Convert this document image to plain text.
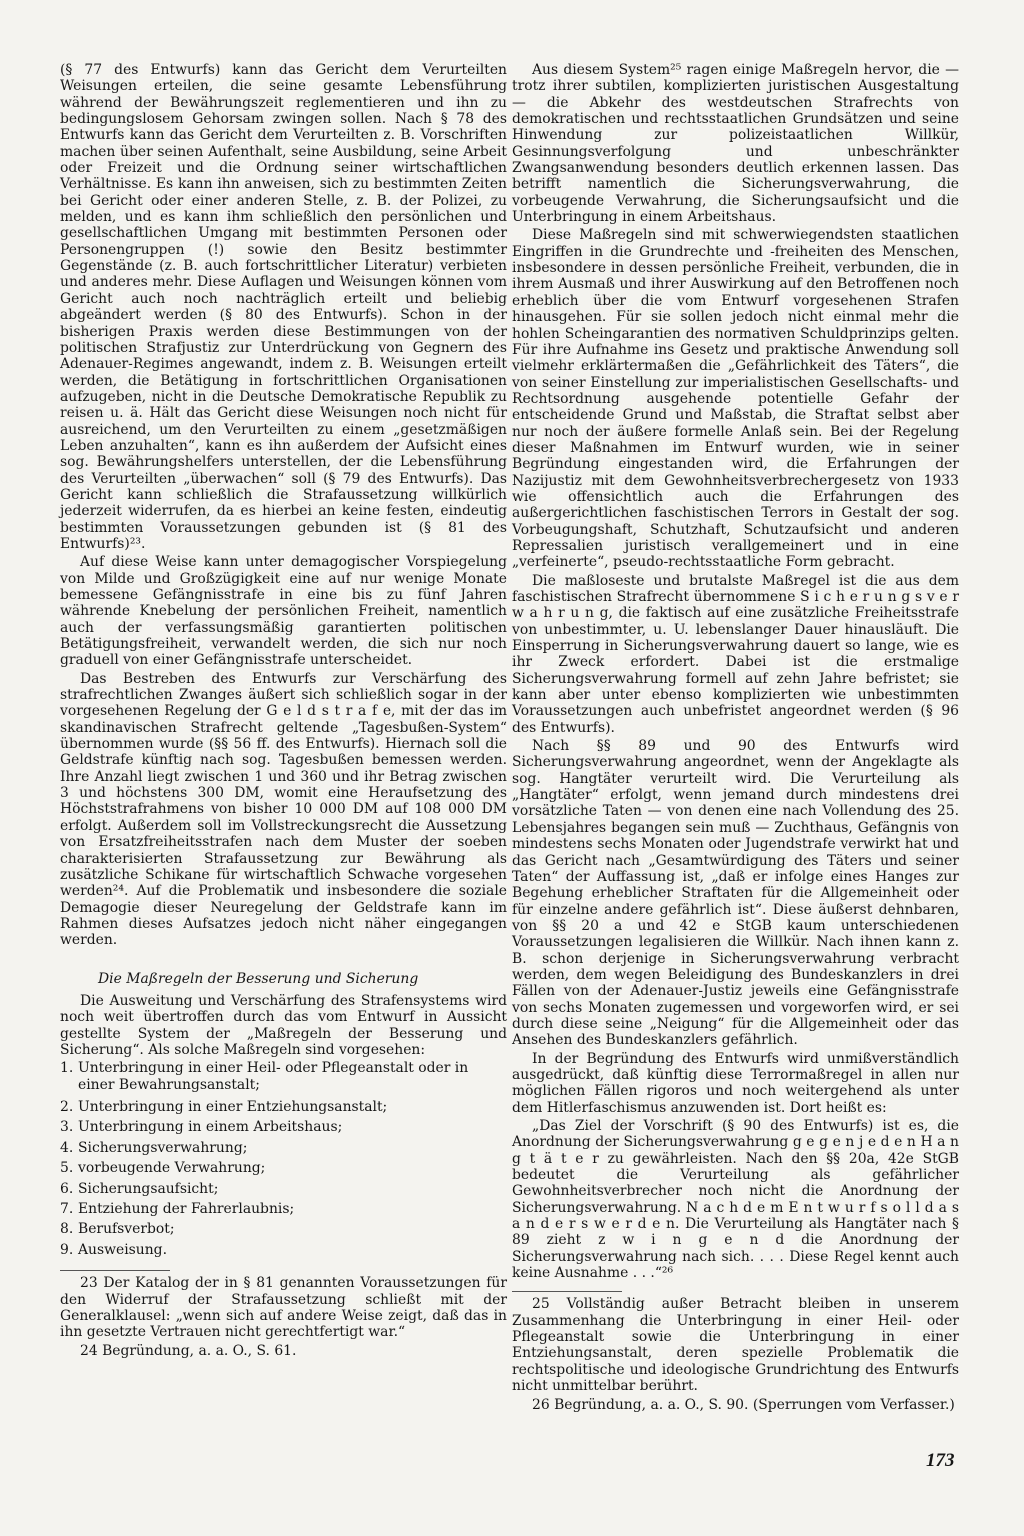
(§ 77 des Entwurfs) kann das Gericht dem Verurteilten Weisungen erteilen, die seine gesamte Lebensführung während der Bewährungszeit reglementieren und ihn zu bedingungslosem Gehorsam zwingen sollen. Nach § 78 des Entwurfs kann das Gericht dem Verurteilten z. B. Vorschriften machen über seinen Aufenthalt, seine Ausbildung, seine Arbeit oder Freizeit und die Ordnung seiner wirtschaftlichen Verhältnisse. Es kann ihn anweisen, sich zu bestimmten Zeiten bei Gericht oder einer anderen Stelle, z. B. der Polizei, zu melden, und es kann ihm schließlich den persönlichen und gesellschaftlichen Umgang mit bestimmten Personen oder Personengruppen (!) sowie den Besitz bestimmter Gegenstände (z. B. auch fortschrittlicher Literatur) verbieten und anderes mehr. Diese Auflagen und Weisungen können vom Gericht auch noch nachträglich erteilt und beliebig abgeändert werden (§ 80 des Entwurfs). Schon in der bisherigen Praxis werden diese Bestimmungen von der politischen Strafjustiz zur Unterdrückung von Gegnern des Adenauer-Regimes angewandt, indem z. B. Weisungen erteilt werden, die Betätigung in fortschrittlichen Organisationen aufzugeben, nicht in die Deutsche Demokratische Republik zu reisen u. ä. Hält das Gericht diese Weisungen noch nicht für ausreichend, um den Verurteilten zu einem „gesetzmäßigen Leben anzuhalten“, kann es ihn außerdem der Aufsicht eines sog. Bewährungshelfers unterstellen, der die Lebensführung des Verurteilten „überwachen“ soll (§ 79 des Entwurfs). Das Gericht kann schließlich die Strafaussetzung willkürlich jederzeit widerrufen, da es hierbei an keine festen, eindeutig bestimmten Voraussetzungen gebunden ist (§ 81 des Entwurfs)²³.

Auf diese Weise kann unter demagogischer Vorspiegelung von Milde und Großzügigkeit eine auf nur wenige Monate bemessene Gefängnisstrafe in eine bis zu fünf Jahren währende Knebelung der persönlichen Freiheit, namentlich auch der verfassungsmäßig garantierten politischen Betätigungsfreiheit, verwandelt werden, die sich nur noch graduell von einer Gefängnisstrafe unterscheidet.

Das Bestreben des Entwurfs zur Verschärfung des strafrechtlichen Zwanges äußert sich schließlich sogar in der vorgesehenen Regelung der G e l d s t r a f e, mit der das im skandinavischen Strafrecht geltende „Tagesbußen-System“ übernommen wurde (§§ 56 ff. des Entwurfs). Hiernach soll die Geldstrafe künftig nach sog. Tagesbußen bemessen werden. Ihre Anzahl liegt zwischen 1 und 360 und ihr Betrag zwischen 3 und höchstens 300 DM, womit eine Heraufsetzung des Höchststrafrahmens von bisher 10 000 DM auf 108 000 DM erfolgt. Außerdem soll im Vollstreckungsrecht die Aussetzung von Ersatzfreiheitsstrafen nach dem Muster der soeben charakterisierten Strafaussetzung zur Bewährung als zusätzliche Schikane für wirtschaftlich Schwache vorgesehen werden²⁴. Auf die Problematik und insbesondere die soziale Demagogie dieser Neuregelung der Geldstrafe kann im Rahmen dieses Aufsatzes jedoch nicht näher eingegangen werden.

Die Maßregeln der Besserung und Sicherung

Die Ausweitung und Verschärfung des Strafensystems wird noch weit übertroffen durch das vom Entwurf in Aussicht gestellte System der „Maßregeln der Besserung und Sicherung“. Als solche Maßregeln sind vorgesehen:

1. Unterbringung in einer Heil- oder Pflegeanstalt oder in einer Bewahrungsanstalt;
2. Unterbringung in einer Entziehungsanstalt;
3. Unterbringung in einem Arbeitshaus;
4. Sicherungsverwahrung;
5. vorbeugende Verwahrung;
6. Sicherungsaufsicht;
7. Entziehung der Fahrerlaubnis;
8. Berufsverbot;
9. Ausweisung.

23 Der Katalog der in § 81 genannten Voraussetzungen für den Widerruf der Strafaussetzung schließt mit der Generalklausel: „wenn sich auf andere Weise zeigt, daß das in ihn gesetzte Vertrauen nicht gerechtfertigt war.“

24 Begründung, a. a. O., S. 61.

Aus diesem System²⁵ ragen einige Maßregeln hervor, die — trotz ihrer subtilen, komplizierten juristischen Ausgestaltung — die Abkehr des westdeutschen Strafrechts von demokratischen und rechtsstaatlichen Grundsätzen und seine Hinwendung zur polizeistaatlichen Willkür, Gesinnungsverfolgung und unbeschränkter Zwangsanwendung besonders deutlich erkennen lassen. Das betrifft namentlich die Sicherungsverwahrung, die vorbeugende Verwahrung, die Sicherungsaufsicht und die Unterbringung in einem Arbeitshaus.

Diese Maßregeln sind mit schwerwiegendsten staatlichen Eingriffen in die Grundrechte und -freiheiten des Menschen, insbesondere in dessen persönliche Freiheit, verbunden, die in ihrem Ausmaß und ihrer Auswirkung auf den Betroffenen noch erheblich über die vom Entwurf vorgesehenen Strafen hinausgehen. Für sie sollen jedoch nicht einmal mehr die hohlen Scheingarantien des normativen Schuldprinzips gelten. Für ihre Aufnahme ins Gesetz und praktische Anwendung soll vielmehr erklärtermaßen die „Gefährlichkeit des Täters“, die von seiner Einstellung zur imperialistischen Gesellschafts- und Rechtsordnung ausgehende potentielle Gefahr der entscheidende Grund und Maßstab, die Straftat selbst aber nur noch der äußere formelle Anlaß sein. Bei der Regelung dieser Maßnahmen im Entwurf wurden, wie in seiner Begründung eingestanden wird, die Erfahrungen der Nazijustiz mit dem Gewohnheitsverbrechergesetz von 1933 wie offensichtlich auch die Erfahrungen des außergerichtlichen faschistischen Terrors in Gestalt der sog. Vorbeugungshaft, Schutzhaft, Schutzaufsicht und anderen Repressalien juristisch verallgemeinert und in eine „verfeinerte“, pseudo-rechtsstaatliche Form gebracht.

Die maßloseste und brutalste Maßregel ist die aus dem faschistischen Strafrecht übernommene S i c h e r u n g s v e r w a h r u n g, die faktisch auf eine zusätzliche Freiheitsstrafe von unbestimmter, u. U. lebenslanger Dauer hinausläuft. Die Einsperrung in Sicherungsverwahrung dauert so lange, wie es ihr Zweck erfordert. Dabei ist die erstmalige Sicherungsverwahrung formell auf zehn Jahre befristet; sie kann aber unter ebenso komplizierten wie unbestimmten Voraussetzungen auch unbefristet angeordnet werden (§ 96 des Entwurfs).

Nach §§ 89 und 90 des Entwurfs wird Sicherungsverwahrung angeordnet, wenn der Angeklagte als sog. Hangtäter verurteilt wird. Die Verurteilung als „Hangtäter“ erfolgt, wenn jemand durch mindestens drei vorsätzliche Taten — von denen eine nach Vollendung des 25. Lebensjahres begangen sein muß — Zuchthaus, Gefängnis von mindestens sechs Monaten oder Jugendstrafe verwirkt hat und das Gericht nach „Gesamtwürdigung des Täters und seiner Taten“ der Auffassung ist, „daß er infolge eines Hanges zur Begehung erheblicher Straftaten für die Allgemeinheit oder für einzelne andere gefährlich ist“. Diese äußerst dehnbaren, von §§ 20 a und 42 e StGB kaum unterschiedenen Voraussetzungen legalisieren die Willkür. Nach ihnen kann z. B. schon derjenige in Sicherungsverwahrung verbracht werden, dem wegen Beleidigung des Bundeskanzlers in drei Fällen von der Adenauer-Justiz jeweils eine Gefängnisstrafe von sechs Monaten zugemessen und vorgeworfen wird, er sei durch diese seine „Neigung“ für die Allgemeinheit oder das Ansehen des Bundeskanzlers gefährlich.

In der Begründung des Entwurfs wird unmißverständlich ausgedrückt, daß künftig diese Terrormaßregel in allen nur möglichen Fällen rigoros und noch weitergehend als unter dem Hitlerfaschismus anzuwenden ist. Dort heißt es:

„Das Ziel der Vorschrift (§ 90 des Entwurfs) ist es, die Anordnung der Sicherungsverwahrung g e g e n j e d e n H a n g t ä t e r zu gewährleisten. Nach den §§ 20a, 42e StGB bedeutet die Verurteilung als gefährlicher Gewohnheitsverbrecher noch nicht die Anordnung der Sicherungsverwahrung. N a c h d e m E n t w u r f s o l l d a s a n d e r s w e r d e n. Die Verurteilung als Hangtäter nach § 89 zieht z w i n g e n d die Anordnung der Sicherungsverwahrung nach sich. . . . Diese Regel kennt auch keine Ausnahme . . .“²⁶

25 Vollständig außer Betracht bleiben in unserem Zusammenhang die Unterbringung in einer Heil- oder Pflegeanstalt sowie die Unterbringung in einer Entziehungsanstalt, deren spezielle Problematik die rechtspolitische und ideologische Grundrichtung des Entwurfs nicht unmittelbar berührt.

26 Begründung, a. a. O., S. 90. (Sperrungen vom Verfasser.)

173
